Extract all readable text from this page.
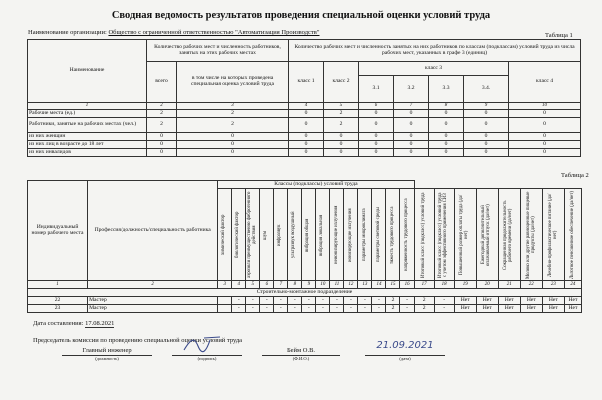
Сводная ведомость результатов проведения специальной оценки условий труда
Наименование организации: Общество с ограниченной ответственностью "Автоматизация Производств"	Таблица 1
Наименование	Количество рабочих мест и численность работников, занятых на этих рабочих местах		Количество рабочих мест и численность занятых на них работников по классам (подклассам) условий труда из числа рабочих мест, указанных в графе 3 (единиц)						
	всего	в том числе на которых проведена специальная оценка условий труда	класс 1	класс 2	класс 3				класс 4
					3.1	3.2	3.3	3.4.	
1	2	3	4	5	6	7	8	9	10
Рабочие места (ед.)	2	2	0	2	0	0	0	0	0
Работники, занятые на рабочих местах (чел.)	2	2	0	2	0	0	0	0	0
из них женщин	0	0	0	0	0	0	0	0	0
из них лиц в возрасте до 18 лет	0	0	0	0	0	0	0	0	0
из них инвалидов	0	0	0	0	0	0	0	0	0
Таблица 2
Индивидуальный номер рабочего места	Профессия/должность/специальность работника	Классы (подклассы) условий труда																					

		химический фактор	биологический фактор	аэрозоли преимущественно фиброгенного действия	шум	инфразвук	ультразвук воздушный	вибрация общая	вибрация локальная	неионизирующие излучения	ионизирующие излучения	параметры микроклимата	параметры световой среды	тяжесть трудового процесса	напряженность трудового процесса	Итоговый класс (подкласс) условий труда	Итоговый класс (подкласс) условий труда с учетом эффективного применения СИЗ	Повышенный размер оплаты труда (да/нет)	Ежегодный дополнительный оплачиваемый отпуск (да/нет)	Сокращенная продолжительность рабочего времени (да/нет)	Молоко или другие равноценные пищевые продукты (да/нет)	Лечебно-профилактическое питание (да/нет)	Льготное пенсионное обеспечение (да/нет)

1	2	3	4	5	6	7	8	9	10	11	12	13	14	15	16	17	18	19	20	21	22	23	24
Строительно-монтажное подразделение																							
22	Мастер		-	-	-	-	-	-	-	-	-	-	-	2	-	2	-	Нет	Нет	Нет	Нет	Нет	Нет
23	Мастер		-	-	-	-	-	-	-	-	-	-	-	2	-	2	-	Нет	Нет	Нет	Нет	Нет	Нет
Дата составления: 17.08.2021
Председатель комиссии по проведению специальной оценки условий труда
Главный инженер
(должность)	(подпись)
Бейм О.В.
(Ф.И.О.)
21.09.2021
(дата)
